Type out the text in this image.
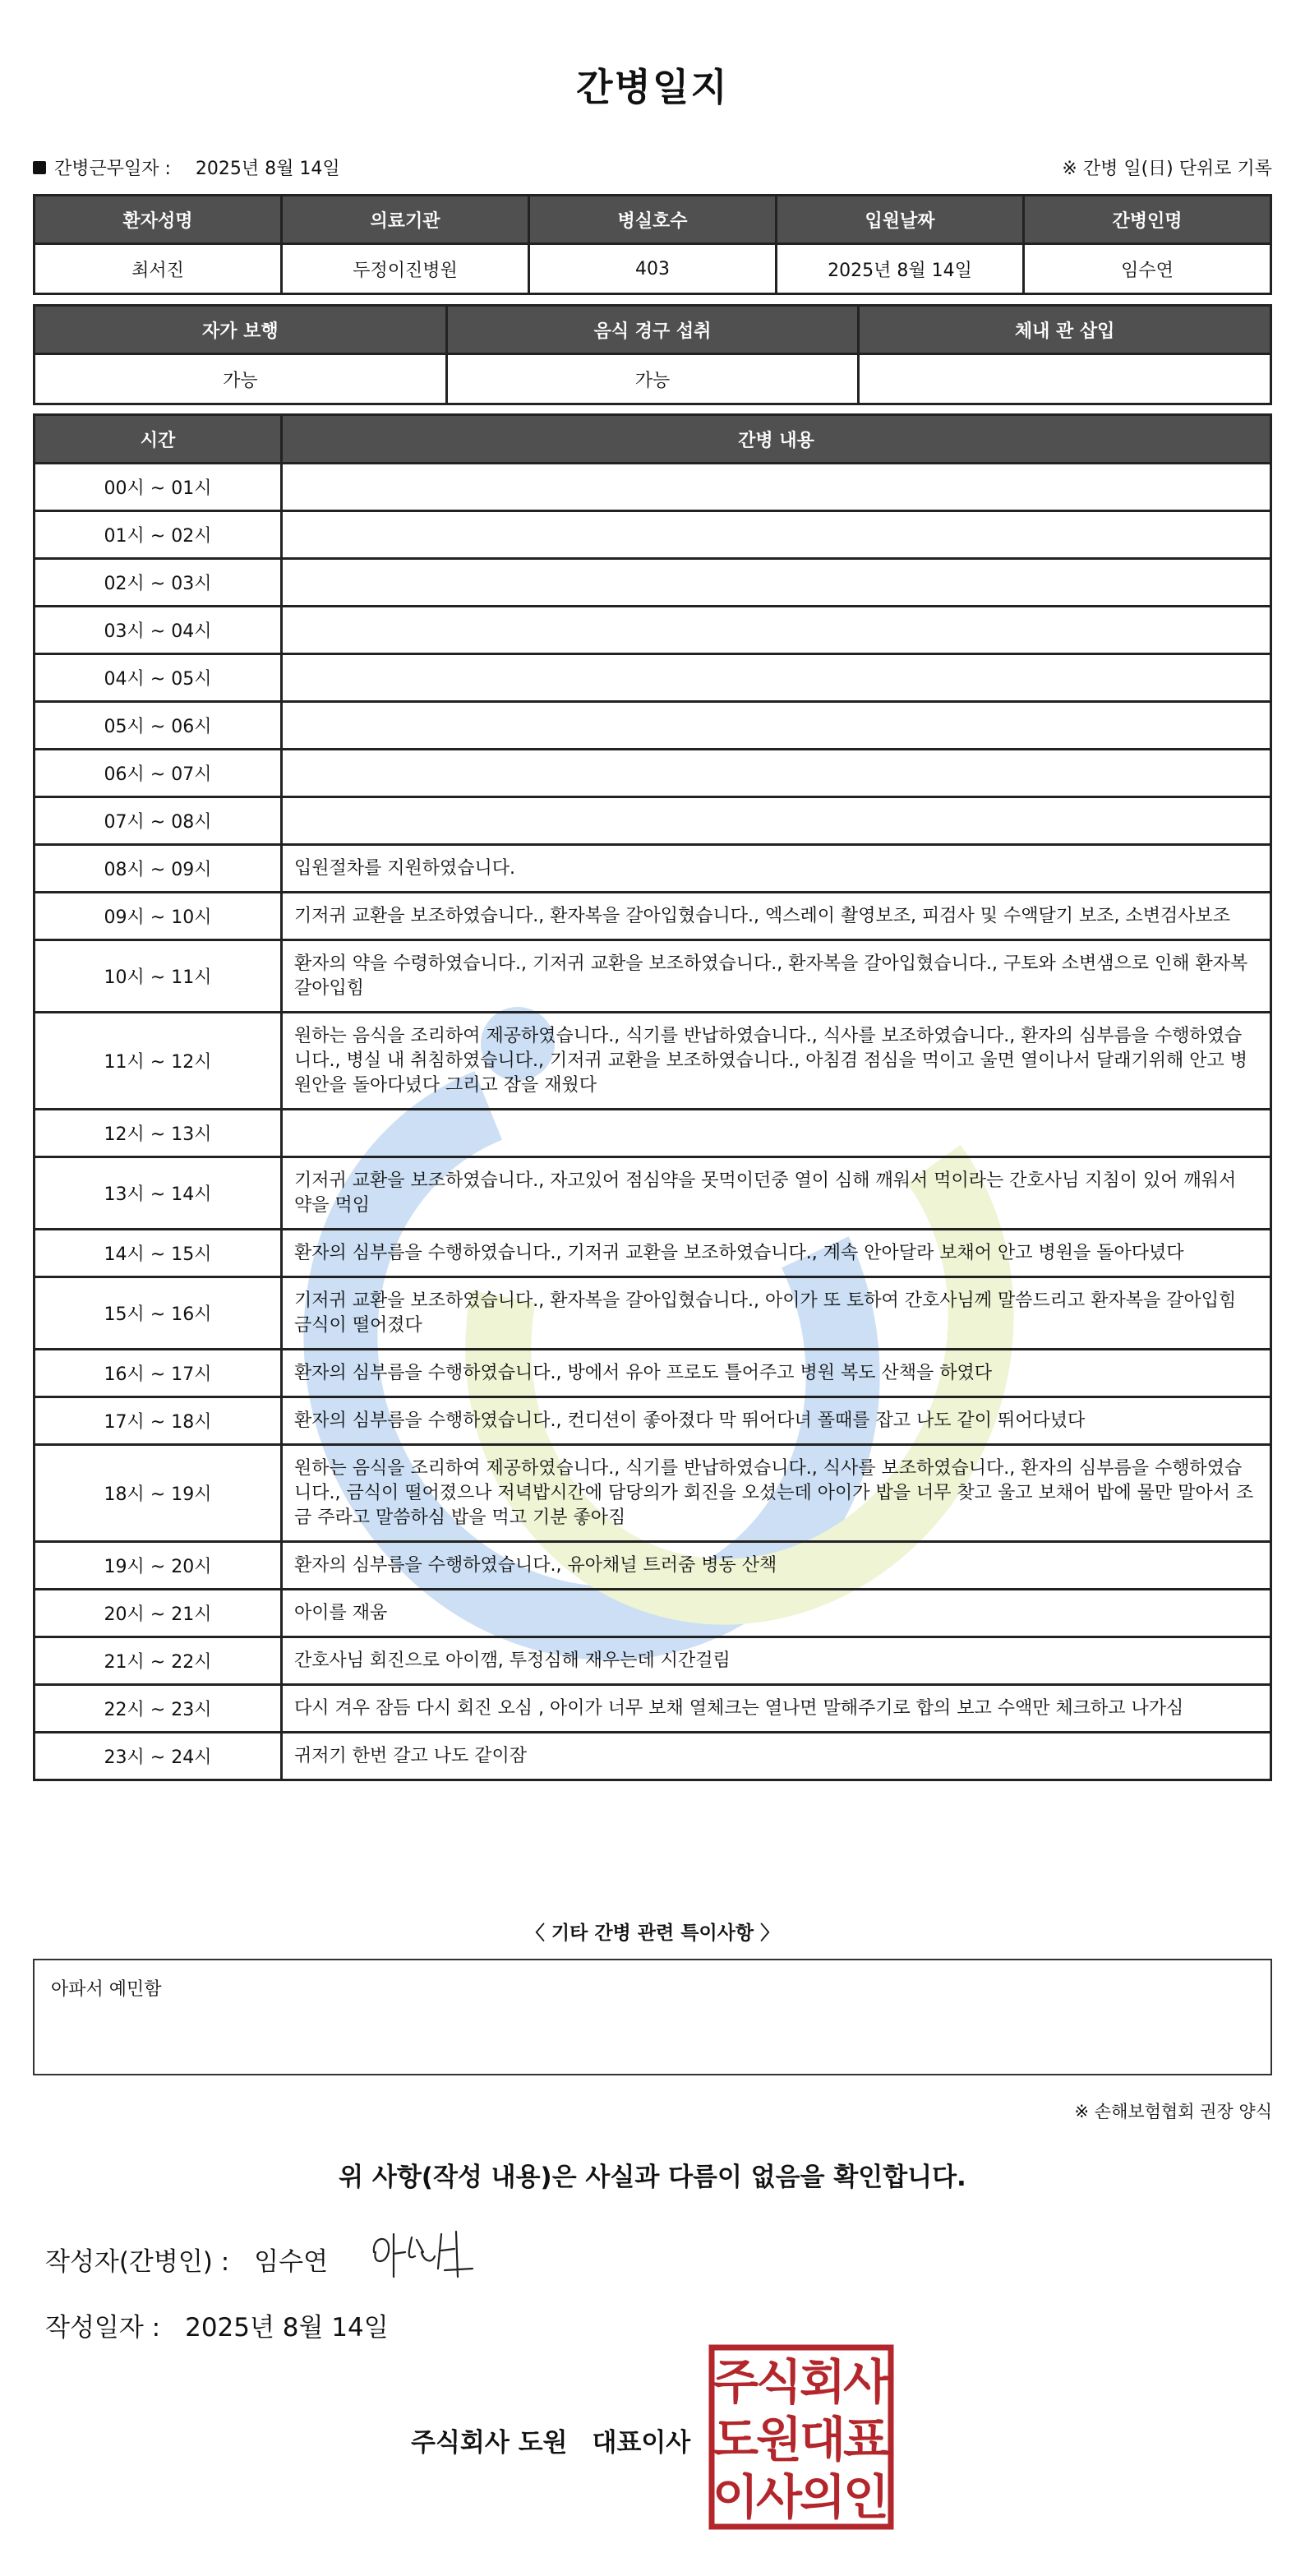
간병일지
간병근무일자 : 2025년 8월 14일	※ 간병 일(日) 단위로 기록
환자성명	의료기관	병실호수	입원날짜	간병인명
최서진	두정이진병원	403	2025년 8월 14일	임수연
자가 보행	음식 경구 섭취	체내 관 삽입
가능	가능	
시간	간병 내용
00시 ~ 01시	
01시 ~ 02시	
02시 ~ 03시	
03시 ~ 04시	
04시 ~ 05시	
05시 ~ 06시	
06시 ~ 07시	
07시 ~ 08시	
08시 ~ 09시	입원절차를 지원하였습니다.
09시 ~ 10시	기저귀 교환을 보조하였습니다., 환자복을 갈아입혔습니다., 엑스레이 촬영보조, 피검사 및 수액달기 보조, 소변검사보조
10시 ~ 11시	환자의 약을 수령하였습니다., 기저귀 교환을 보조하였습니다., 환자복을 갈아입혔습니다., 구토와 소변샘으로 인해 환자복 갈아입힘
11시 ~ 12시	원하는 음식을 조리하여 제공하였습니다., 식기를 반납하였습니다., 식사를 보조하였습니다., 환자의 심부름을 수행하였습니다., 병실 내 취침하였습니다., 기저귀 교환을 보조하였습니다., 아침겸 점심을 먹이고 울면 열이나서 달래기위해 안고 병원안을 돌아다녔다 그리고 잠을 재웠다
12시 ~ 13시	
13시 ~ 14시	기저귀 교환을 보조하였습니다., 자고있어 점심약을 못먹이던중 열이 심해 깨워서 먹이라는 간호사님 지침이 있어 깨워서 약을 먹임
14시 ~ 15시	환자의 심부름을 수행하였습니다., 기저귀 교환을 보조하였습니다., 계속 안아달라 보채어 안고 병원을 돌아다녔다
15시 ~ 16시	기저귀 교환을 보조하였습니다., 환자복을 갈아입혔습니다., 아이가 또 토하여 간호사님께 말씀드리고 환자복을 갈아입힘 금식이 떨어졌다
16시 ~ 17시	환자의 심부름을 수행하였습니다., 방에서 유아 프로도 틀어주고 병원 복도 산책을 하였다
17시 ~ 18시	환자의 심부름을 수행하였습니다., 컨디션이 좋아졌다 막 뛰어다녀 폴때를 잡고 나도 같이 뛰어다녔다
18시 ~ 19시	원하는 음식을 조리하여 제공하였습니다., 식기를 반납하였습니다., 식사를 보조하였습니다., 환자의 심부름을 수행하였습니다., 금식이 떨어졌으나 저녁밥시간에 담당의가 회진을 오셨는데 아이가 밥을 너무 찾고 울고 보채어 밥에 물만 말아서 조금 주라고 말씀하심 밥을 먹고 기분 좋아짐
19시 ~ 20시	환자의 심부름을 수행하였습니다., 유아채널 트러줌 병동 산책
20시 ~ 21시	아이를 재움
21시 ~ 22시	간호사님 회진으로 아이깸, 투정심해 재우는데 시간걸림
22시 ~ 23시	다시 겨우 잠듬 다시 회진 오심 , 아이가 너무 보채 열체크는 열나면 말해주기로 합의 보고 수액만 체크하고 나가심
23시 ~ 24시	귀저기 한번 갈고 나도 같이잠
〈 기타 간병 관련 특이사항 〉
아파서 예민함
※ 손해보험협회 권장 양식
위 사항(작성 내용)은 사실과 다름이 없음을 확인합니다.
작성자(간병인) : 임수연
작성일자 : 2025년 8월 14일
주식회사 도원 대표이사
주
식
회
사
도
원
대
표
이
사
의
인
